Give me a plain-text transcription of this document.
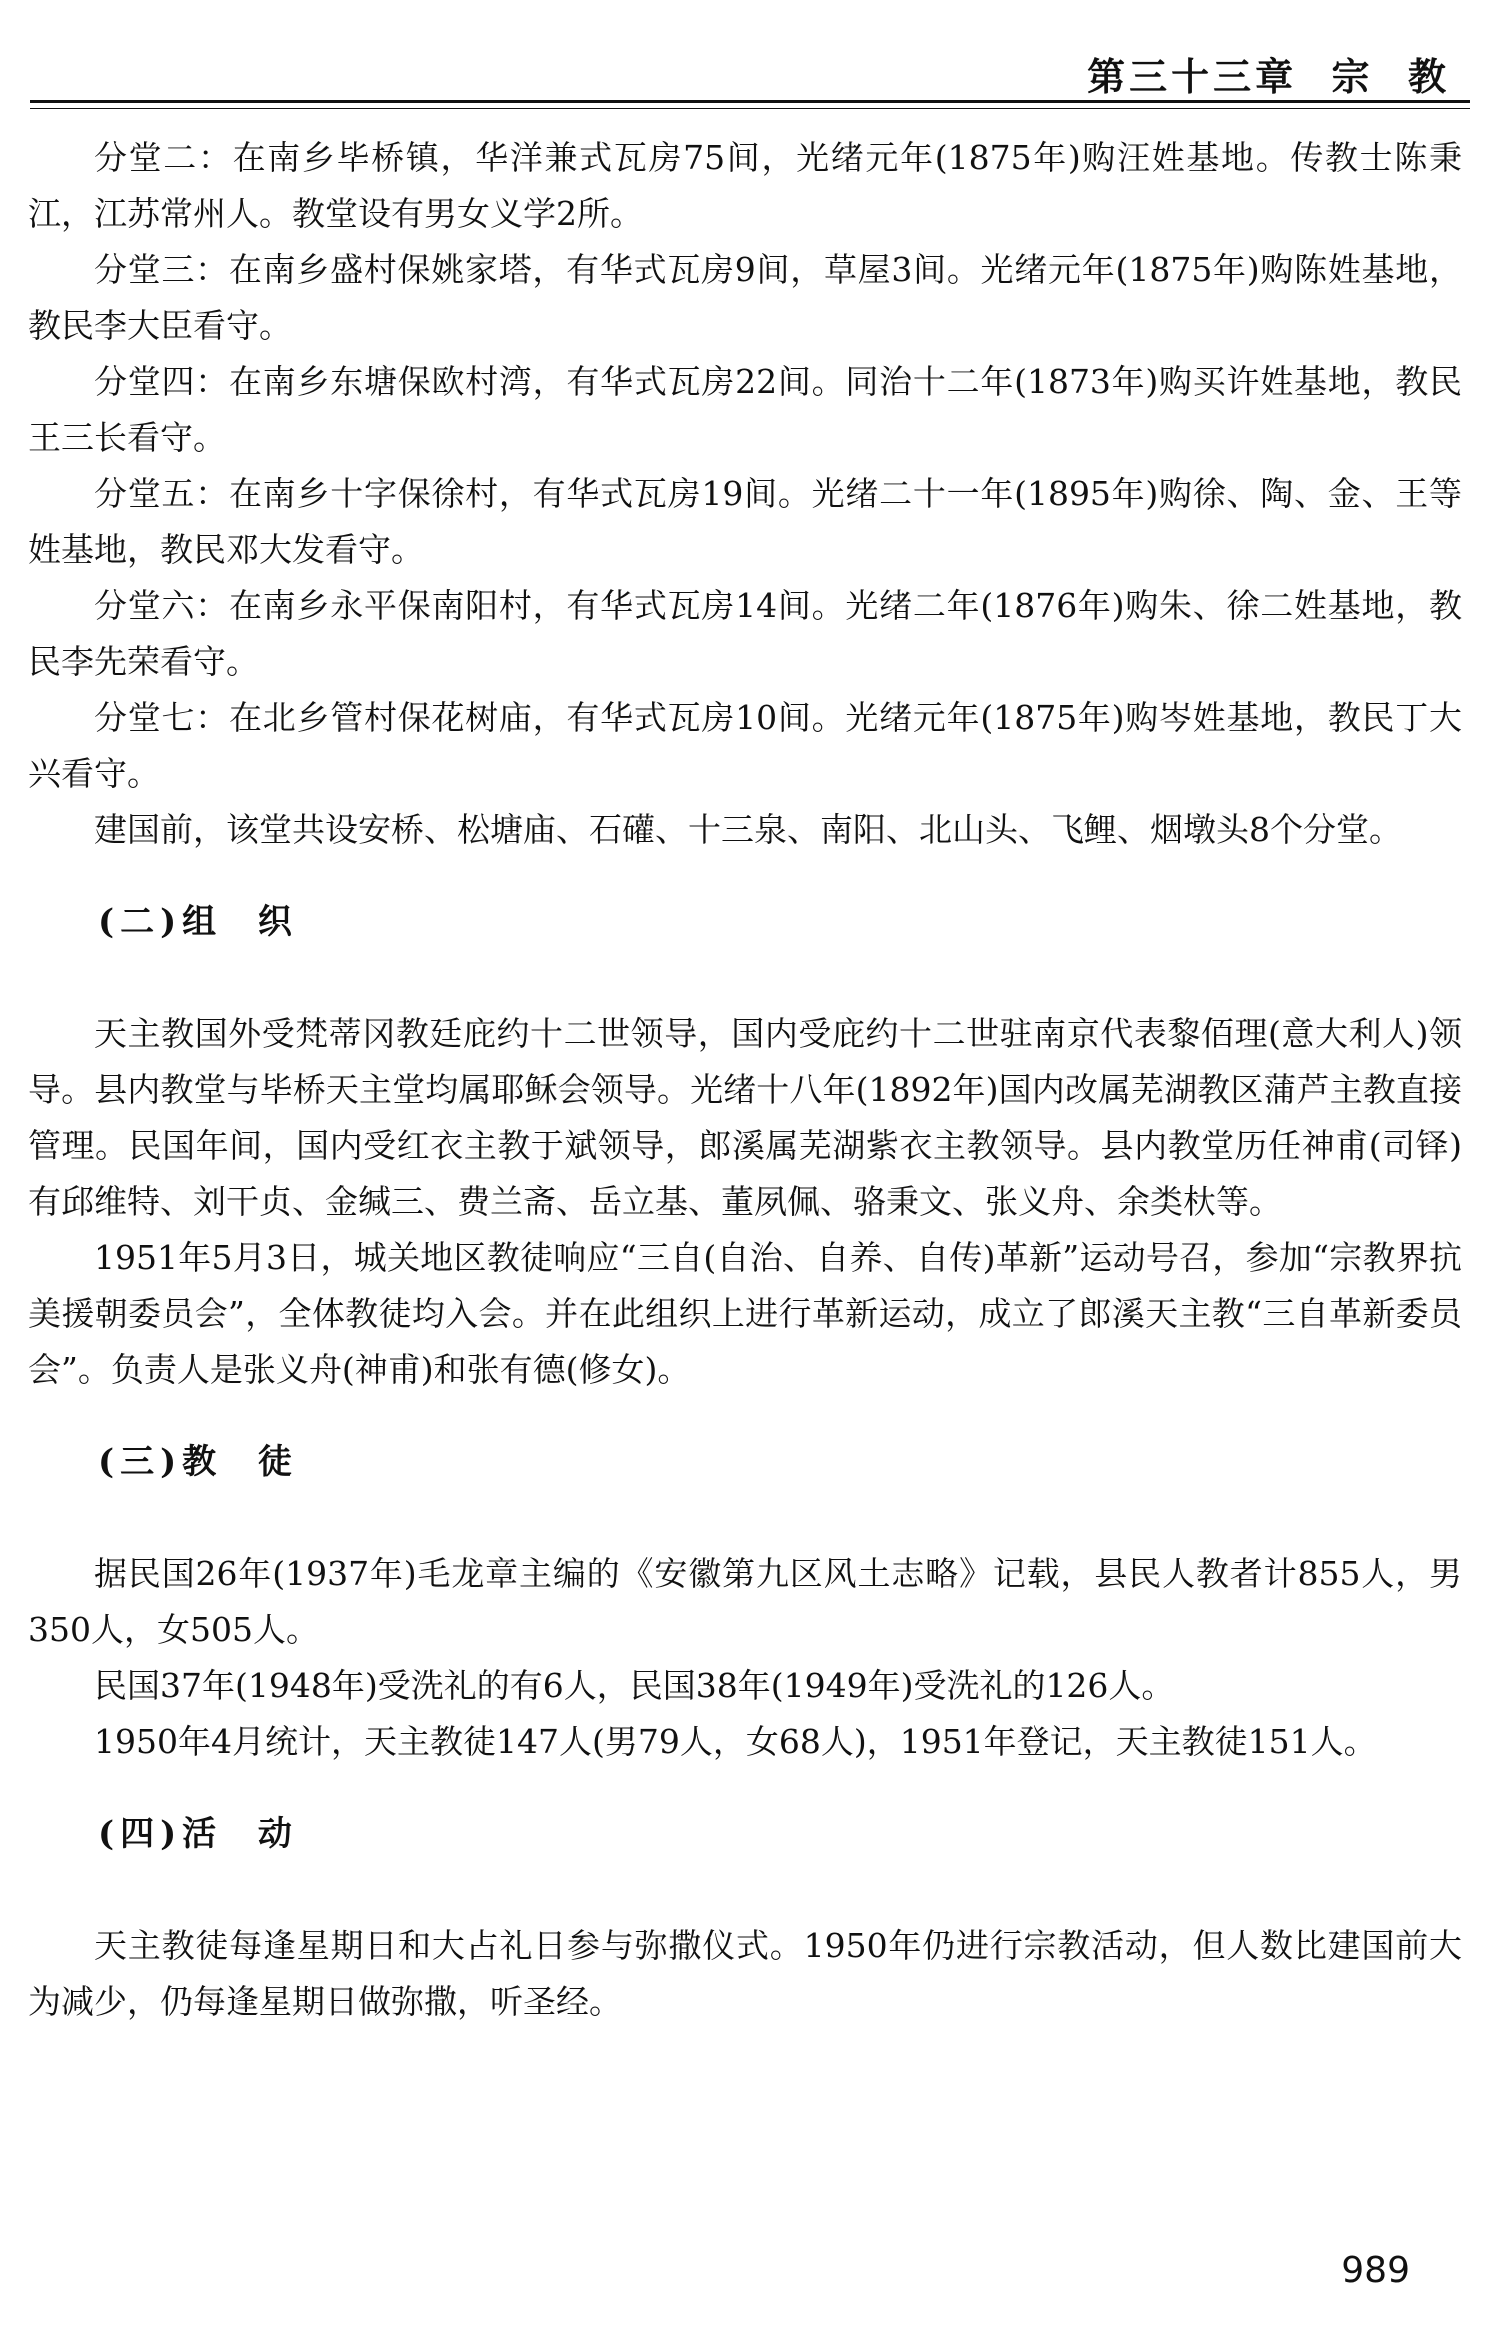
第三十三章  宗  教

分堂二：在南乡毕桥镇，华洋兼式瓦房75间，光绪元年(1875年)购汪姓基地。传教士陈秉江，江苏常州人。教堂设有男女义学2所。

分堂三：在南乡盛村保姚家塔，有华式瓦房9间，草屋3间。光绪元年(1875年)购陈姓基地，教民李大臣看守。

分堂四：在南乡东塘保欧村湾，有华式瓦房22间。同治十二年(1873年)购买许姓基地，教民王三长看守。

分堂五：在南乡十字保徐村，有华式瓦房19间。光绪二十一年(1895年)购徐、陶、金、王等姓基地，教民邓大发看守。

分堂六：在南乡永平保南阳村，有华式瓦房14间。光绪二年(1876年)购朱、徐二姓基地，教民李先荣看守。

分堂七：在北乡管村保花树庙，有华式瓦房10间。光绪元年(1875年)购岑姓基地，教民丁大兴看守。

建国前，该堂共设安桥、松塘庙、石礶、十三泉、南阳、北山头、飞鲤、烟墩头8个分堂。

(二)组  织

天主教国外受梵蒂冈教廷庇约十二世领导，国内受庇约十二世驻南京代表黎佰理(意大利人)领导。县内教堂与毕桥天主堂均属耶稣会领导。光绪十八年(1892年)国内改属芜湖教区蒲芦主教直接管理。民国年间，国内受红衣主教于斌领导，郎溪属芜湖紫衣主教领导。县内教堂历任神甫(司铎)有邱维特、刘干贞、金缄三、费兰斋、岳立基、董夙佩、骆秉文、张义舟、余类杕等。

1951年5月3日，城关地区教徒响应“三自(自治、自养、自传)革新”运动号召，参加“宗教界抗美援朝委员会”，全体教徒均入会。并在此组织上进行革新运动，成立了郎溪天主教“三自革新委员会”。负责人是张义舟(神甫)和张有德(修女)。

(三)教  徒

据民国26年(1937年)毛龙章主编的《安徽第九区风土志略》记载，县民人教者计855人，男350人，女505人。

民国37年(1948年)受洗礼的有6人，民国38年(1949年)受洗礼的126人。

1950年4月统计，天主教徒147人(男79人，女68人)，1951年登记，天主教徒151人。

(四)活  动

天主教徒每逢星期日和大占礼日参与弥撒仪式。1950年仍进行宗教活动，但人数比建国前大为减少，仍每逢星期日做弥撒，听圣经。

989
